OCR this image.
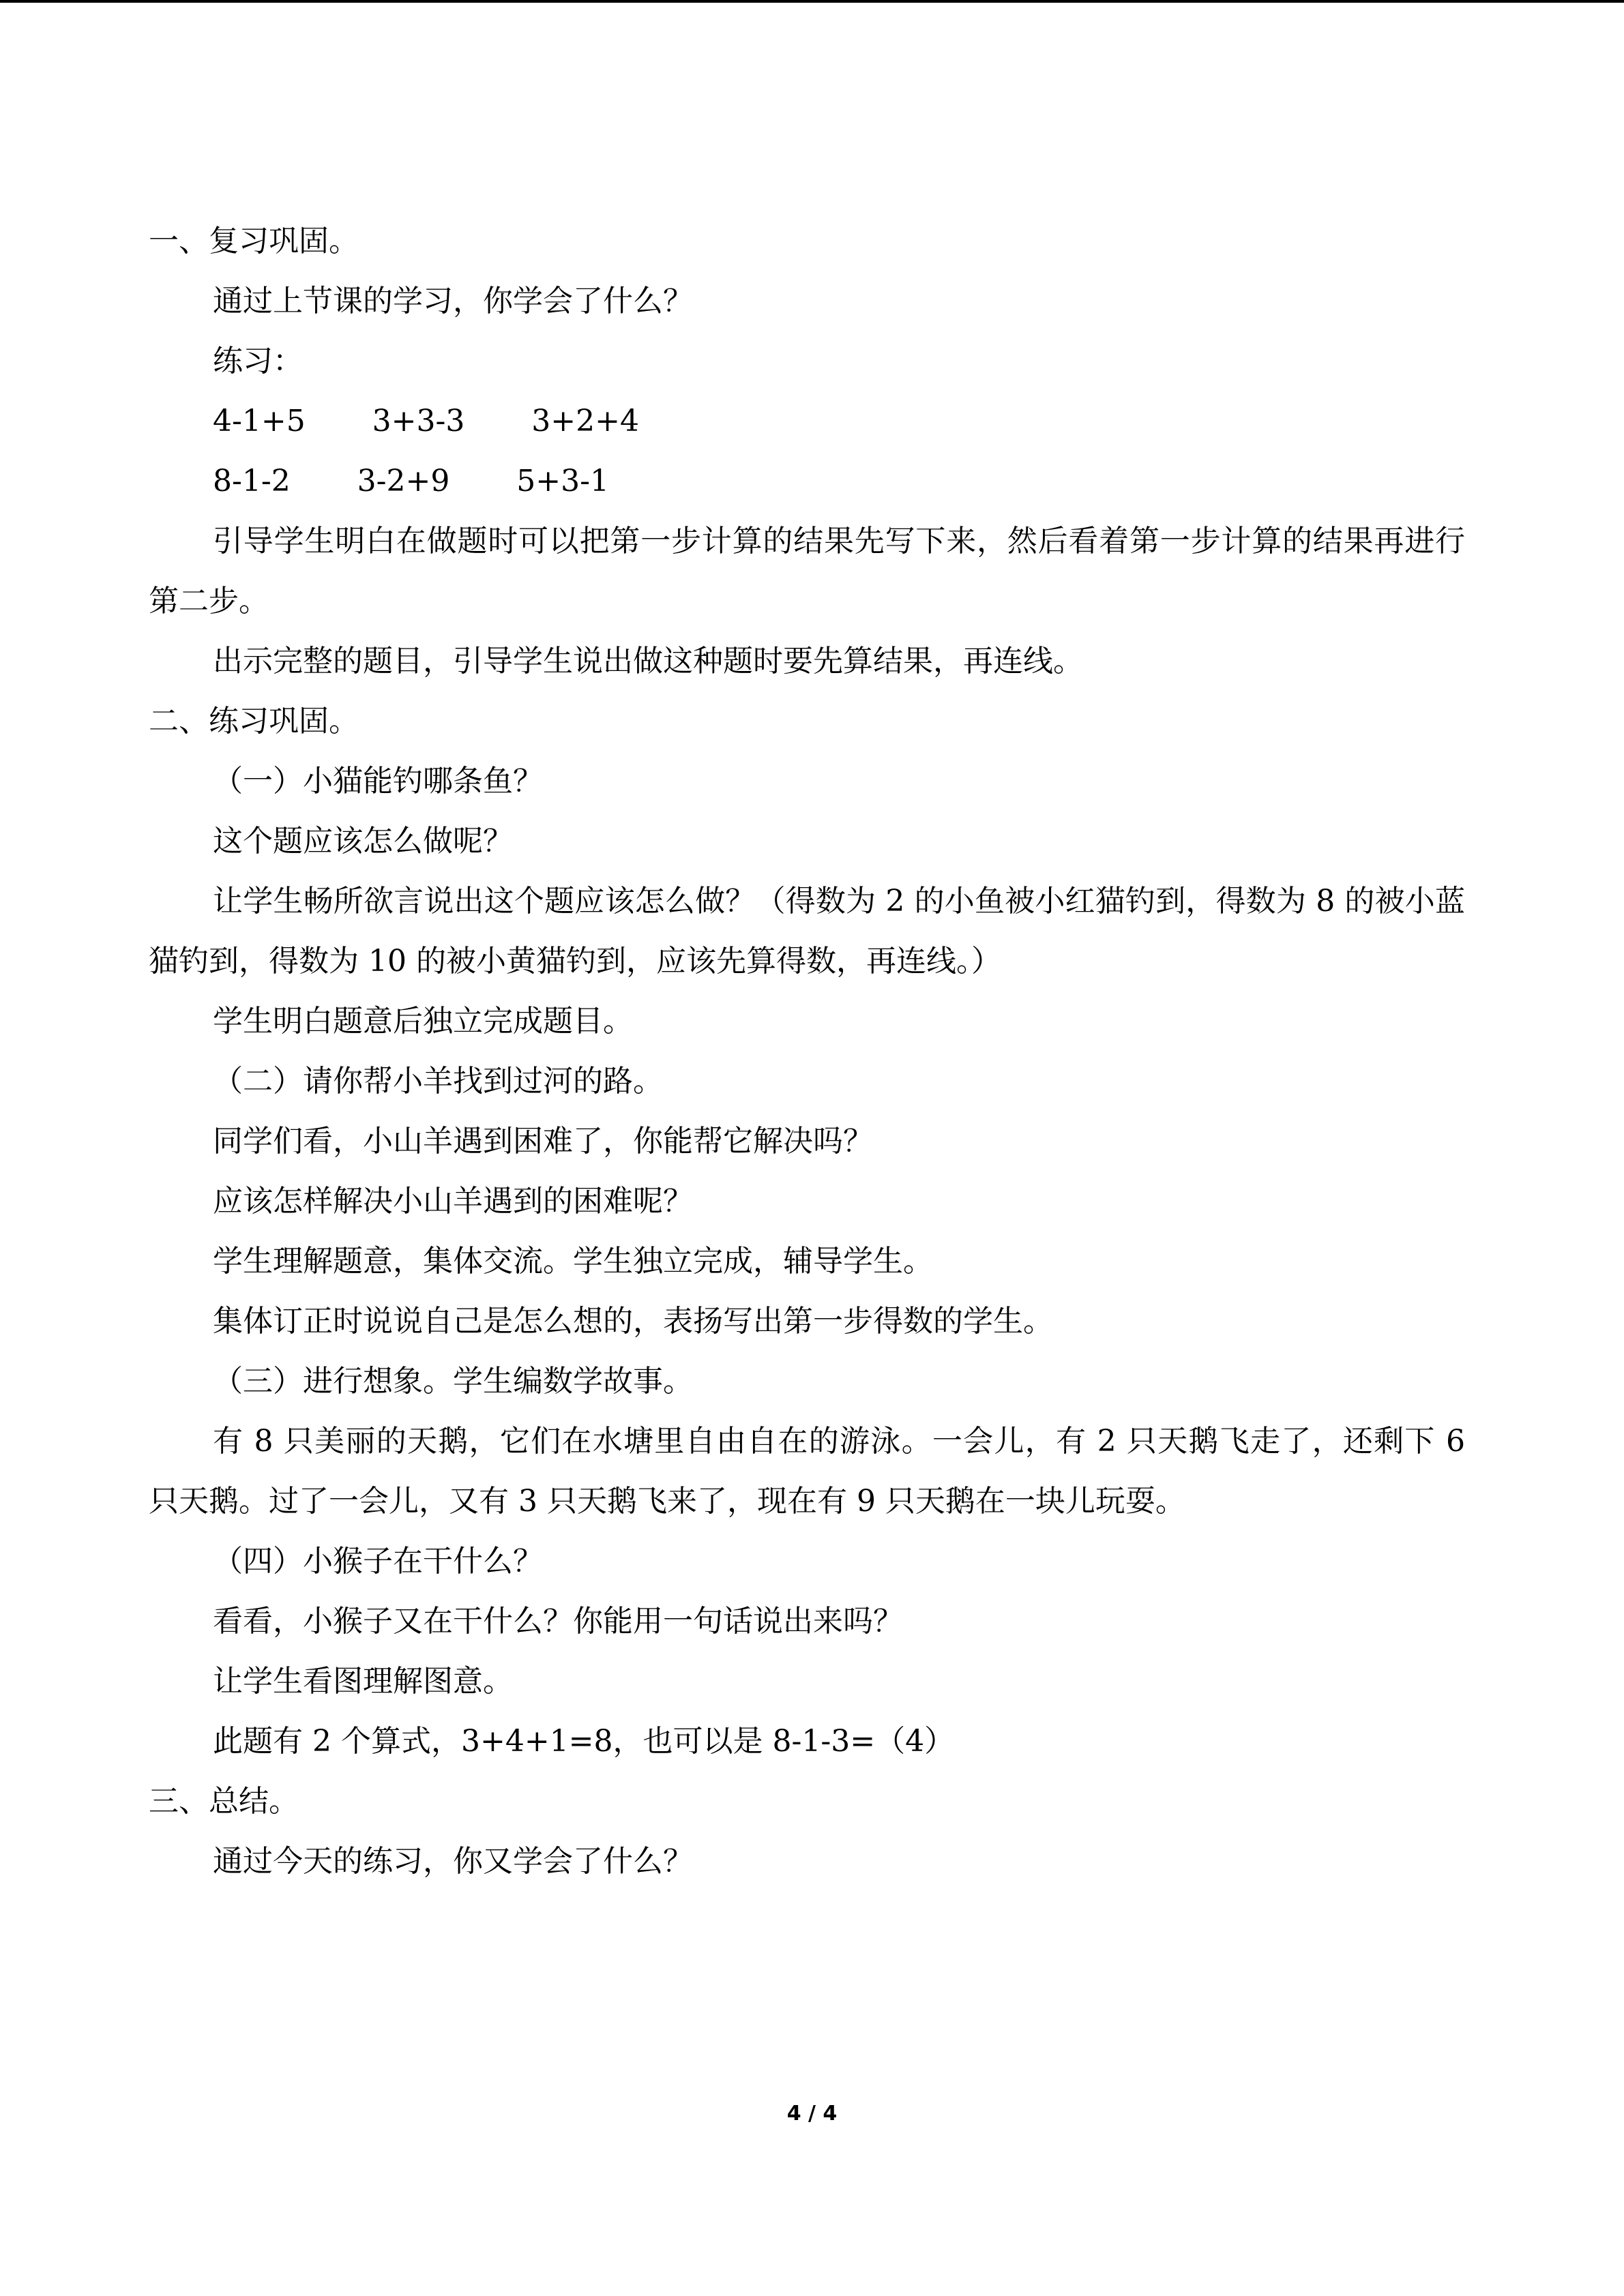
一、复习巩固。
通过上节课的学习，你学会了什么？
练习：
4-1+5       3+3-3       3+2+4
8-1-2       3-2+9       5+3-1
引导学生明白在做题时可以把第一步计算的结果先写下来，然后看着第一步计算的结果再进行第二步。
出示完整的题目，引导学生说出做这种题时要先算结果，再连线。
二、练习巩固。
（一）小猫能钓哪条鱼？
这个题应该怎么做呢？
让学生畅所欲言说出这个题应该怎么做？（得数为 2 的小鱼被小红猫钓到，得数为 8 的被小蓝猫钓到，得数为 10 的被小黄猫钓到，应该先算得数，再连线。）
学生明白题意后独立完成题目。
（二）请你帮小羊找到过河的路。
同学们看，小山羊遇到困难了，你能帮它解决吗？
应该怎样解决小山羊遇到的困难呢？
学生理解题意，集体交流。学生独立完成，辅导学生。
集体订正时说说自己是怎么想的，表扬写出第一步得数的学生。
（三）进行想象。学生编数学故事。
有 8 只美丽的天鹅，它们在水塘里自由自在的游泳。一会儿，有 2 只天鹅飞走了，还剩下 6 只天鹅。过了一会儿，又有 3 只天鹅飞来了，现在有 9 只天鹅在一块儿玩耍。
（四）小猴子在干什么？
看看，小猴子又在干什么？你能用一句话说出来吗？
让学生看图理解图意。
此题有 2 个算式，3+4+1=8，也可以是 8-1-3=（4）
三、总结。
通过今天的练习，你又学会了什么？
4 / 4
